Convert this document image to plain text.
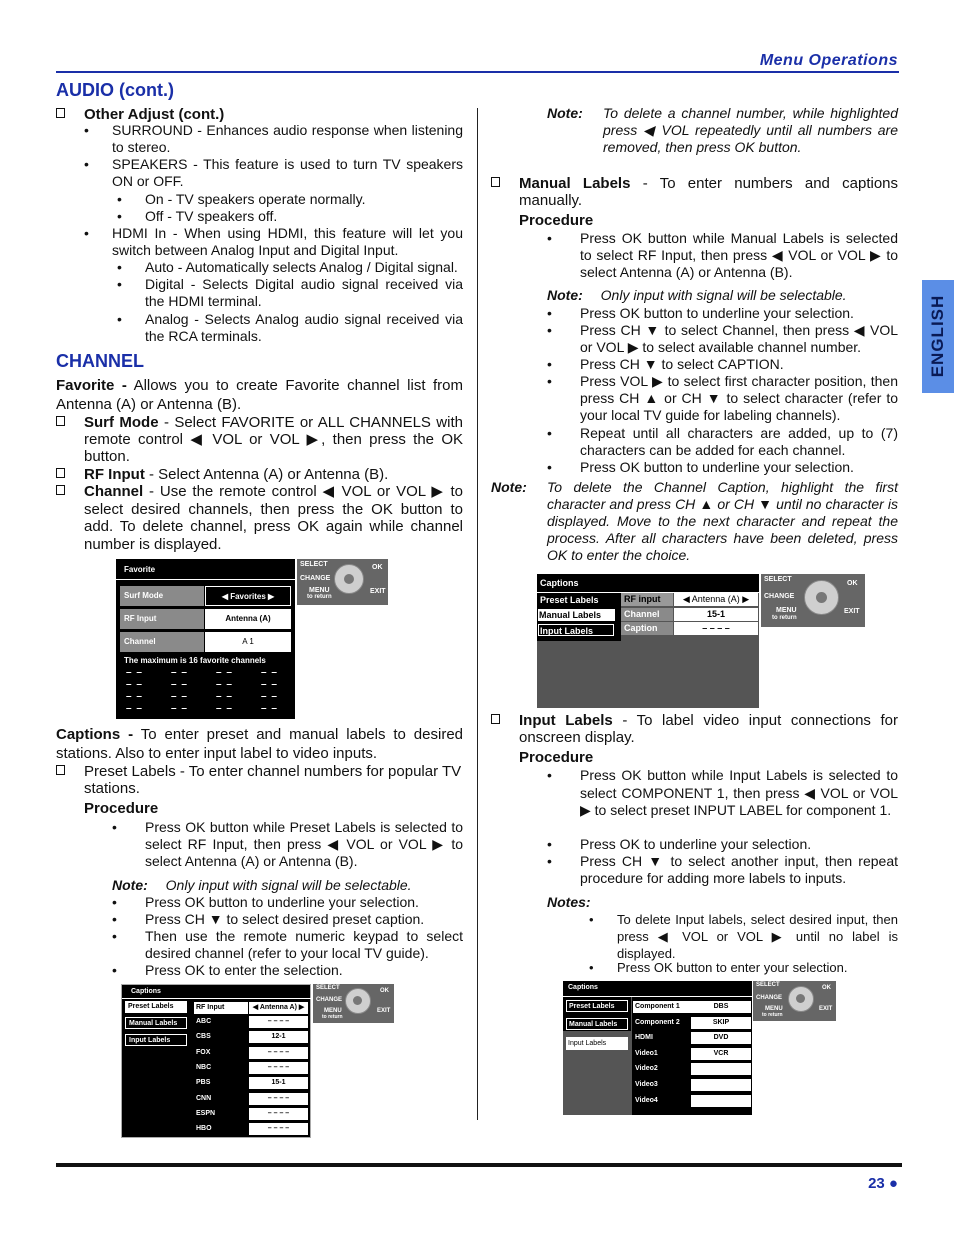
Menu Operations
ENGLISH
AUDIO (cont.)
Other Adjust (cont.)
• SURROUND - Enhances audio response when listening to stereo.

• SPEAKERS - This feature is used to turn TV speakers ON or OFF.

• On - TV speakers operate normally.

• Off - TV speakers off.

• HDMI In - When using HDMI, this feature will let you switch between Analog Input and Digital Input.

• Auto - Automatically selects Analog / Digital signal.

• Digital - Selects Digital audio signal received via the HDMI terminal.

• Analog - Selects Analog audio signal received via the RCA terminals.

CHANNEL
Favorite - Allows you to create Favorite channel list from Antenna (A) or Antenna (B).
Surf Mode - Select FAVORITE or ALL CHANNELS with remote control ◀ VOL or VOL ▶, then press the OK button.
RF Input - Select Antenna (A) or Antenna (B).
Channel - Use the remote control ◀ VOL or VOL ▶ to select desired channels, then press the OK button to add. To delete channel, press OK again while channel number is displayed.
Favorite
Surf Mode	◀ Favorites ▶
RF Input	Antenna (A)
Channel	A 1
The maximum is 16 favorite channels
– –	– –	– –	– –
– –	– –	– –	– –
– –	– –	– –	– –
– –	– –	– –	– –
SELECT
CHANGE
OK
MENU
to return
EXIT
Captions - To enter preset and manual labels to desired stations. Also to enter input label to video inputs.
Preset Labels - To enter channel numbers for popular TV stations.
Procedure
• Press OK button while Preset Labels is selected to select RF Input, then press ◀ VOL or VOL ▶ to select Antenna (A) or Antenna (B).

Note: Only input with signal will be selectable.
• Press OK button to underline your selection.

• Press CH ▼ to select desired preset caption.

• Then use the remote numeric keypad to select desired channel (refer to your local TV guide).

• Press OK to enter the selection.

Captions
Preset Labels
Manual Labels
Input Labels
RF Input	◀ Antenna A) ▶
ABC	– – – –
CBS	12-1
FOX	– – – –
NBC	– – – –
PBS	15-1
CNN	– – – –
ESPN	– – – –
HBO	– – – –
SELECT
CHANGE
OK
MENU
to return
EXIT
Note: To delete a channel number, while highlighted press ◀ VOL repeatedly until all numbers are removed, then press OK button.

Manual Labels - To enter numbers and captions manually.
Procedure
• Press OK button while Manual Labels is selected to select RF Input, then press ◀ VOL or VOL ▶ to select Antenna (A) or Antenna (B).

Note: Only input with signal will be selectable.
• Press OK button to underline your selection.

• Press CH ▼ to select Channel, then press ◀ VOL or VOL ▶ to select available channel number.

• Press CH ▼ to select CAPTION.

• Press VOL ▶ to select first character position, then press CH ▲ or CH ▼ to select character (refer to your local TV guide for labeling channels).

• Repeat until all characters are added, up to (7) characters can be added for each channel.

• Press OK button to underline your selection.

Note: To delete the Channel Caption, highlight the first character and press CH ▲ or CH ▼ until no character is displayed. Move to the next character and repeat the process. After all characters have been deleted, press OK to enter the choice.

Captions
Preset Labels
Manual Labels
Input Labels
RF input	◀ Antenna (A) ▶
Channel	15-1
Caption	– – – –
SELECT
CHANGE
OK
MENU
to return
EXIT
Input Labels - To label video input connections for onscreen display.
Procedure
• Press OK button while Input Labels is selected to select COMPONENT 1, then press ◀ VOL or VOL ▶ to select preset INPUT LABEL for component 1.

• Press OK to underline your selection.

• Press CH ▼ to select another input, then repeat procedure for adding more labels to inputs.

Notes:
• To delete Input labels, select desired input, then press ◀ VOL or VOL ▶ until no label is displayed.

• Press OK button to enter your selection.

Captions
Preset Labels
Manual Labels
Input Labels
Component 1	DBS
Component 2	SKIP
HDMI	DVD
Video1	VCR
Video2
Video3
Video4
SELECT
CHANGE
OK
MENU
to return
EXIT
23 ●
